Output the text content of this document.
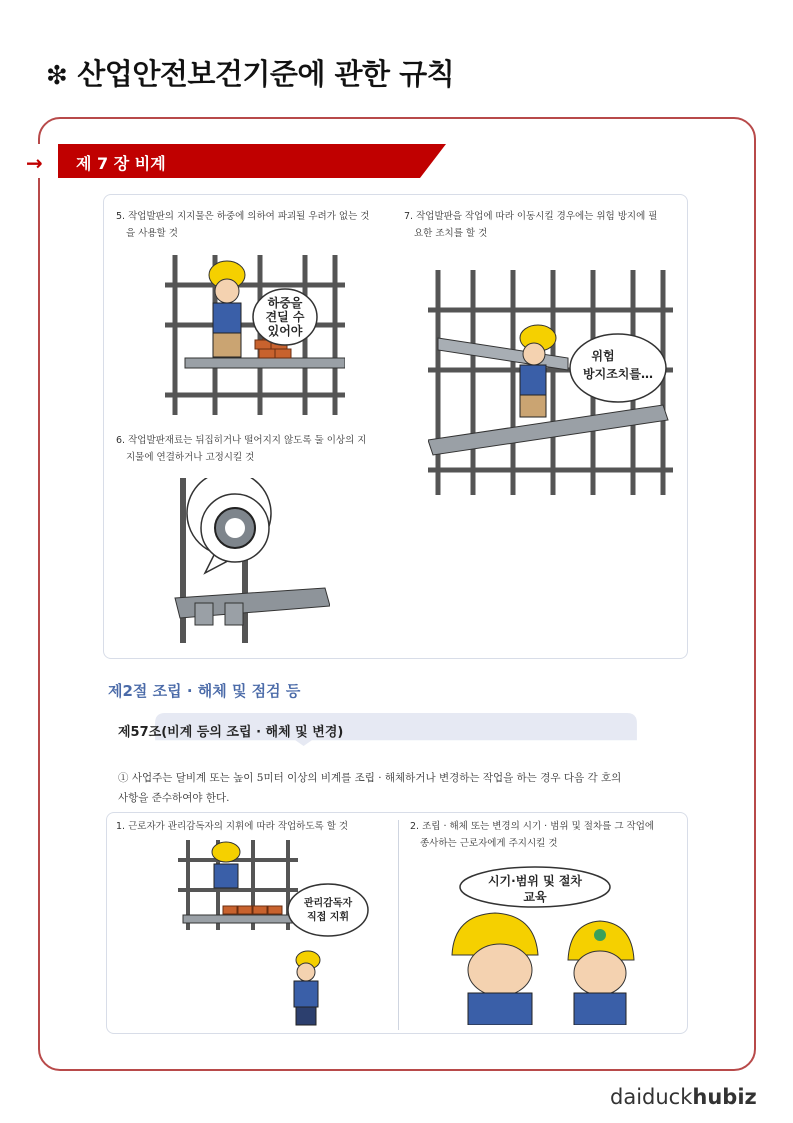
❇ 산업안전보건기준에 관한 규칙
→ 제 7 장 비계
5. 작업발판의 지지물은 하중에 의하여 파괴될 우려가 없는 것
을 사용할 것
7. 작업발판을 작업에 따라 이동시킬 경우에는 위험 방지에 필
요한 조치를 할 것
6. 작업발판재료는 뒤집히거나 떨어지지 않도록 둘 이상의 지
지물에 연결하거나 고정시킬 것
하중을
견딜 수
있어야
위험
방지조치를…
제2절 조립 · 해체 및 점검 등
제57조(비계 등의 조립 · 해체 및 변경)
① 사업주는 달비계 또는 높이 5미터 이상의 비계를 조립 · 해체하거나 변경하는 작업을 하는 경우 다음 각 호의
사항을 준수하여야 한다.
1. 근로자가 관리감독자의 지휘에 따라 작업하도록 할 것	2. 조립 · 해체 또는 변경의 시기 · 범위 및 절차를 그 작업에
종사하는 근로자에게 주지시킬 것
관리감독자
직접 지휘
시기·범위 및 절차
교육
daiduckhubiz
